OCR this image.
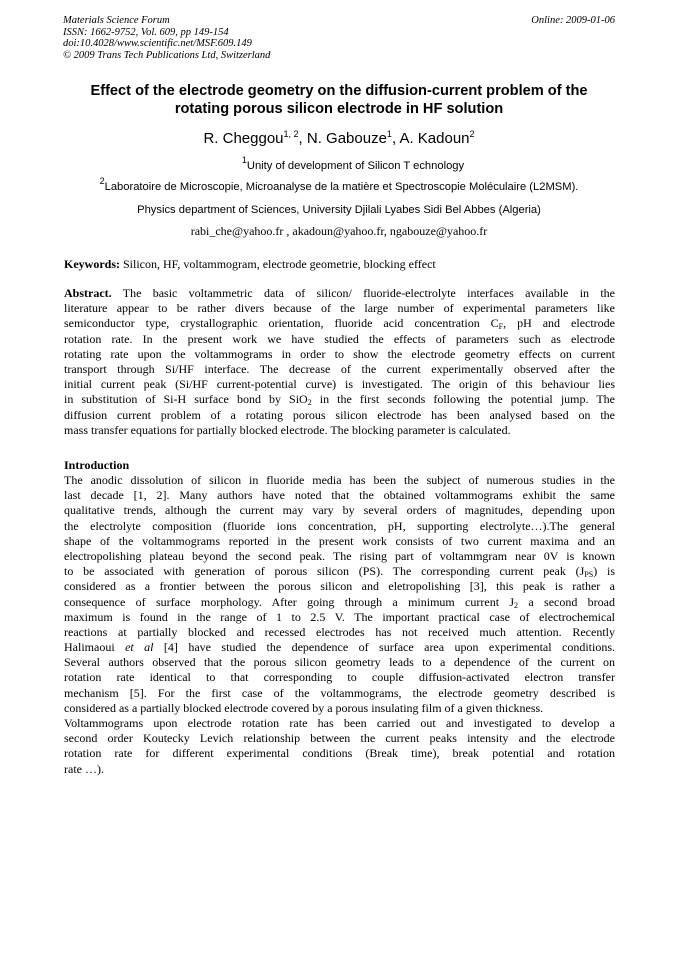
Materials Science Forum
ISSN: 1662-9752, Vol. 609, pp 149-154
doi:10.4028/www.scientific.net/MSF.609.149
© 2009 Trans Tech Publications Ltd, Switzerland
Online: 2009-01-06
Effect of the electrode geometry on the diffusion-current problem of the
rotating porous silicon electrode in HF solution
R. Cheggou$^{1, 2}$, N. Gabouze$^1$, A. Kadoun$^2$
$^1$Unity of development of Silicon T echnology
$^2$Laboratoire de Microscopie, Microanalyse de la matière et Spectroscopie Moléculaire (L2MSM).
Physics department of Sciences, University Djilali Lyabes Sidi Bel Abbes (Algeria)
rabi_che@yahoo.fr , akadoun@yahoo.fr, ngabouze@yahoo.fr
Keywords: Silicon, HF, voltammogram, electrode geometrie, blocking effect
Abstract. The basic voltammetric data of silicon/ fluoride-electrolyte interfaces available in the
literature appear to be rather divers because of the large number of experimental parameters like
semiconductor type, crystallographic orientation, fluoride acid concentration $C_F$, pH and electrode
rotation rate. In the present work we have studied the effects of parameters such as electrode
rotating rate upon the voltammograms in order to show the electrode geometry effects on current
transport through Si/HF interface. The decrease of the current experimentally observed after the
initial current peak (Si/HF current-potential curve) is investigated. The origin of this behaviour lies
in substitution of Si-H surface bond by SiO$_2$ in the first seconds following the potential jump. The
diffusion current problem of a rotating porous silicon electrode has been analysed based on the
mass transfer equations for partially blocked electrode. The blocking parameter is calculated.
Introduction
The anodic dissolution of silicon in fluoride media has been the subject of numerous studies in the
last decade [1, 2]. Many authors have noted that the obtained voltammograms exhibit the same
qualitative trends, although the current may vary by several orders of magnitudes, depending upon
the electrolyte composition (fluoride ions concentration, pH, supporting electrolyte…).The general
shape of the voltammograms reported in the present work consists of two current maxima and an
electropolishing plateau beyond the second peak. The rising part of voltammgram near 0V is known
to be associated with generation of porous silicon (PS). The corresponding current peak $(J_{PS})$ is
considered as a frontier between the porous silicon and eletropolishing [3], this peak is rather a
consequence of surface morphology. After going through a minimum current $J_2$ a second broad
maximum is found in the range of 1 to 2.5 V. The important practical case of electrochemical
reactions at partially blocked and recessed electrodes has not received much attention. Recently
Halimaoui et al [4] have studied the dependence of surface area upon experimental conditions.
Several authors observed that the porous silicon geometry leads to a dependence of the current on
rotation rate identical to that corresponding to couple diffusion-activated electron transfer
mechanism [5]. For the first case of the voltammograms, the electrode geometry described is
considered as a partially blocked electrode covered by a porous insulating film of a given thickness.
Voltammograms upon electrode rotation rate has been carried out and investigated to develop a
second order Koutecky Levich relationship between the current peaks intensity and the electrode
rotation rate for different experimental conditions (Break time), break potential and rotation
rate …).
